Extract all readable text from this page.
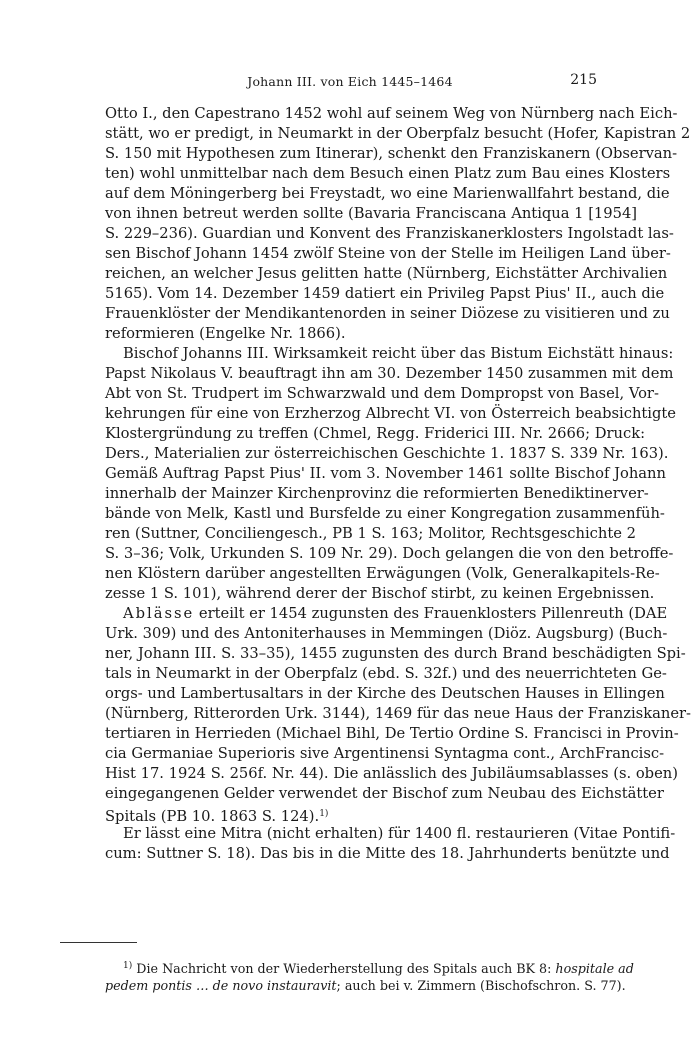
Johann III. von Eich 1445–1464	215
Otto I., den Capestrano 1452 wohl auf seinem Weg von Nürnberg nach Eich-
stätt, wo er predigt, in Neumarkt in der Oberpfalz besucht (Hofer, Kapistran 2
S. 150 mit Hypothesen zum Itinerar), schenkt den Franziskanern (Observan-
ten) wohl unmittelbar nach dem Besuch einen Platz zum Bau eines Klosters
auf dem Möningerberg bei Freystadt, wo eine Marienwallfahrt bestand, die
von ihnen betreut werden sollte (Bavaria Franciscana Antiqua 1 [1954]
S. 229–236). Guardian und Konvent des Franziskanerklosters Ingolstadt las-
sen Bischof Johann 1454 zwölf Steine von der Stelle im Heiligen Land über-
reichen, an welcher Jesus gelitten hatte (Nürnberg, Eichstätter Archivalien
5165). Vom 14. Dezember 1459 datiert ein Privileg Papst Pius' II., auch die
Frauenklöster der Mendikantenorden in seiner Diözese zu visitieren und zu
reformieren (Engelke Nr. 1866).
Bischof Johanns III. Wirksamkeit reicht über das Bistum Eichstätt hinaus:
Papst Nikolaus V. beauftragt ihn am 30. Dezember 1450 zusammen mit dem
Abt von St. Trudpert im Schwarzwald und dem Dompropst von Basel, Vor-
kehrungen für eine von Erzherzog Albrecht VI. von Österreich beabsichtigte
Klostergründung zu treffen (Chmel, Regg. Friderici III. Nr. 2666; Druck:
Ders., Materialien zur österreichischen Geschichte 1. 1837 S. 339 Nr. 163).
Gemäß Auftrag Papst Pius' II. vom 3. November 1461 sollte Bischof Johann
innerhalb der Mainzer Kirchenprovinz die reformierten Benediktinerver-
bände von Melk, Kastl und Bursfelde zu einer Kongregation zusammenfüh-
ren (Suttner, Conciliengesch., PB 1 S. 163; Molitor, Rechtsgeschichte 2
S. 3–36; Volk, Urkunden S. 109 Nr. 29). Doch gelangen die von den betroffe-
nen Klöstern darüber angestellten Erwägungen (Volk, Generalkapitels-Re-
zesse 1 S. 101), während derer der Bischof stirbt, zu keinen Ergebnissen.
Ablässe erteilt er 1454 zugunsten des Frauenklosters Pillenreuth (DAE
Urk. 309) und des Antoniterhauses in Memmingen (Diöz. Augsburg) (Buch-
ner, Johann III. S. 33–35), 1455 zugunsten des durch Brand beschädigten Spi-
tals in Neumarkt in der Oberpfalz (ebd. S. 32f.) und des neuerrichteten Ge-
orgs- und Lambertusaltars in der Kirche des Deutschen Hauses in Ellingen
(Nürnberg, Ritterorden Urk. 3144), 1469 für das neue Haus der Franziskaner-
tertiaren in Herrieden (Michael Bihl, De Tertio Ordine S. Francisci in Provin-
cia Germaniae Superioris sive Argentinensi Syntagma cont., ArchFrancisc-
Hist 17. 1924 S. 256f. Nr. 44). Die anlässlich des Jubiläumsablasses (s. oben)
eingegangenen Gelder verwendet der Bischof zum Neubau des Eichstätter
Spitals (PB 10. 1863 S. 124).$^{1)}$
Er lässt eine Mitra (nicht erhalten) für 1400 fl. restaurieren (Vitae Pontifi-
cum: Suttner S. 18). Das bis in die Mitte des 18. Jahrhunderts benützte und
$^{1)}$ Die Nachricht von der Wiederherstellung des Spitals auch BK 8: hospitale ad
pedem pontis … de novo instauravit; auch bei v. Zimmern (Bischofschron. S. 77).
